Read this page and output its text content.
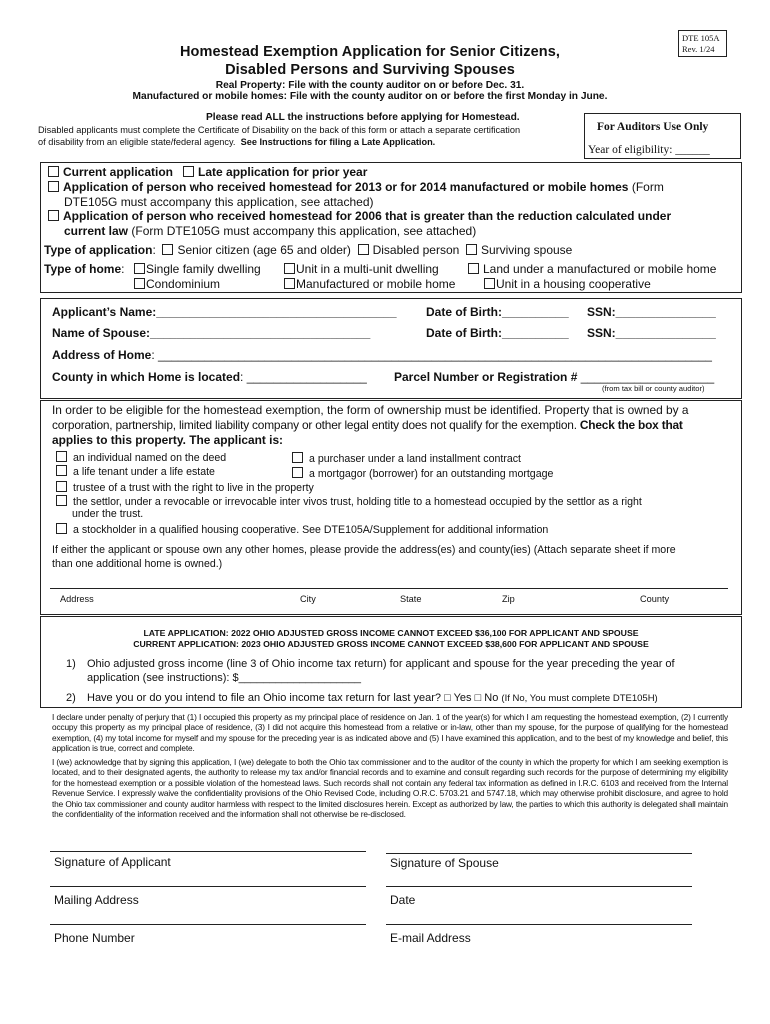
DTE 105A
Rev. 1/24
Homestead Exemption Application for Senior Citizens,
Disabled Persons and Surviving Spouses
Real Property: File with the county auditor on or before Dec. 31.
Manufactured or mobile homes: File with the county auditor on or before the first Monday in June.
Please read ALL the instructions before applying for Homestead.
Disabled applicants must complete the Certificate of Disability on the back of this form or attach a separate certification
of disability from an eligible state/federal agency. See Instructions for filing a Late Application.
For Auditors Use Only
Year of eligibility: ______
Current application Late application for prior year
Application of person who received homestead for 2013 or for 2014 manufactured or mobile homes (Form
DTE105G must accompany this application, see attached)
Application of person who received homestead for 2006 that is greater than the reduction calculated under
current law (Form DTE105G must accompany this application, see attached)
Type of application:  Senior citizen (age 65 and older) Disabled person Surviving spouse
Type of home:	Single family dwelling	Unit in a multi-unit dwelling	Land under a manufactured or mobile home
Condominium	Manufactured or mobile home	Unit in a housing cooperative
Applicant’s Name:____________________________________ Date of Birth:__________ SSN:_______________
Name of Spouse:_________________________________	Date of Birth:__________ SSN:_______________
Address of Home: ___________________________________________________________________________________
County in which Home is located: __________________ Parcel Number or Registration # ____________________
(from tax bill or county auditor)
In order to be eligible for the homestead exemption, the form of ownership must be identified. Property that is owned by a
corporation, partnership, limited liability company or other legal entity does not qualify for the exemption. Check the box that
applies to this property. The applicant is:
an individual named on the deed	a purchaser under a land installment contract
a life tenant under a life estate	a mortgagor (borrower) for an outstanding mortgage
trustee of a trust with the right to live in the property
the settlor, under a revocable or irrevocable inter vivos trust, holding title to a homestead occupied by the settlor as a right
under the trust.
a stockholder in a qualified housing cooperative. See DTE105A/Supplement for additional information
If either the applicant or spouse own any other homes, please provide the address(es) and county(ies) (Attach separate sheet if more
than one additional home is owned.)
Address	City	State	Zip	County
LATE APPLICATION: 2022 OHIO ADJUSTED GROSS INCOME CANNOT EXCEED $36,100 FOR APPLICANT AND SPOUSE
CURRENT APPLICATION: 2023 OHIO ADJUSTED GROSS INCOME CANNOT EXCEED $38,600 FOR APPLICANT AND SPOUSE
1) Ohio adjusted gross income (line 3 of Ohio income tax return) for applicant and spouse for the year preceding the year of
application (see instructions): $____________________
2) Have you or do you intend to file an Ohio income tax return for last year? □ Yes □ No (If No, You must complete DTE105H)
I declare under penalty of perjury that (1) I occupied this property as my principal place of residence on Jan. 1 of the year(s) for which I am requesting the homestead exemption, (2) I currently occupy this property as my principal place of residence, (3) I did not acquire this homestead from a relative or in-law, other than my spouse, for the purpose of qualifying for the homestead exemption, (4) my total income for myself and my spouse for the preceding year is as indicated above and (5) I have examined this application, and to the best of my knowledge and belief, this application is true, correct and complete.
I (we) acknowledge that by signing this application, I (we) delegate to both the Ohio tax commissioner and to the auditor of the county in which the property for which I am seeking exemption is located, and to their designated agents, the authority to release my tax and/or financial records and to examine and consult regarding such records for the purpose of determining my eligibility for the homestead exemption or a possible violation of the homestead laws. Such records shall not contain any federal tax information as defined in I.R.C. 6103 and received from the Internal Revenue Service. I expressly waive the confidentiality provisions of the Ohio Revised Code, including O.R.C. 5703.21 and 5747.18, which may otherwise prohibit disclosure, and agree to hold the Ohio tax commissioner and county auditor harmless with respect to the limited disclosures herein. Except as authorized by law, the parties to which this authority is delegated shall maintain the confidentiality of the information received and the information shall not otherwise be re-disclosed.
Signature of Applicant	Signature of Spouse
Mailing Address	Date
Phone Number	E-mail Address
